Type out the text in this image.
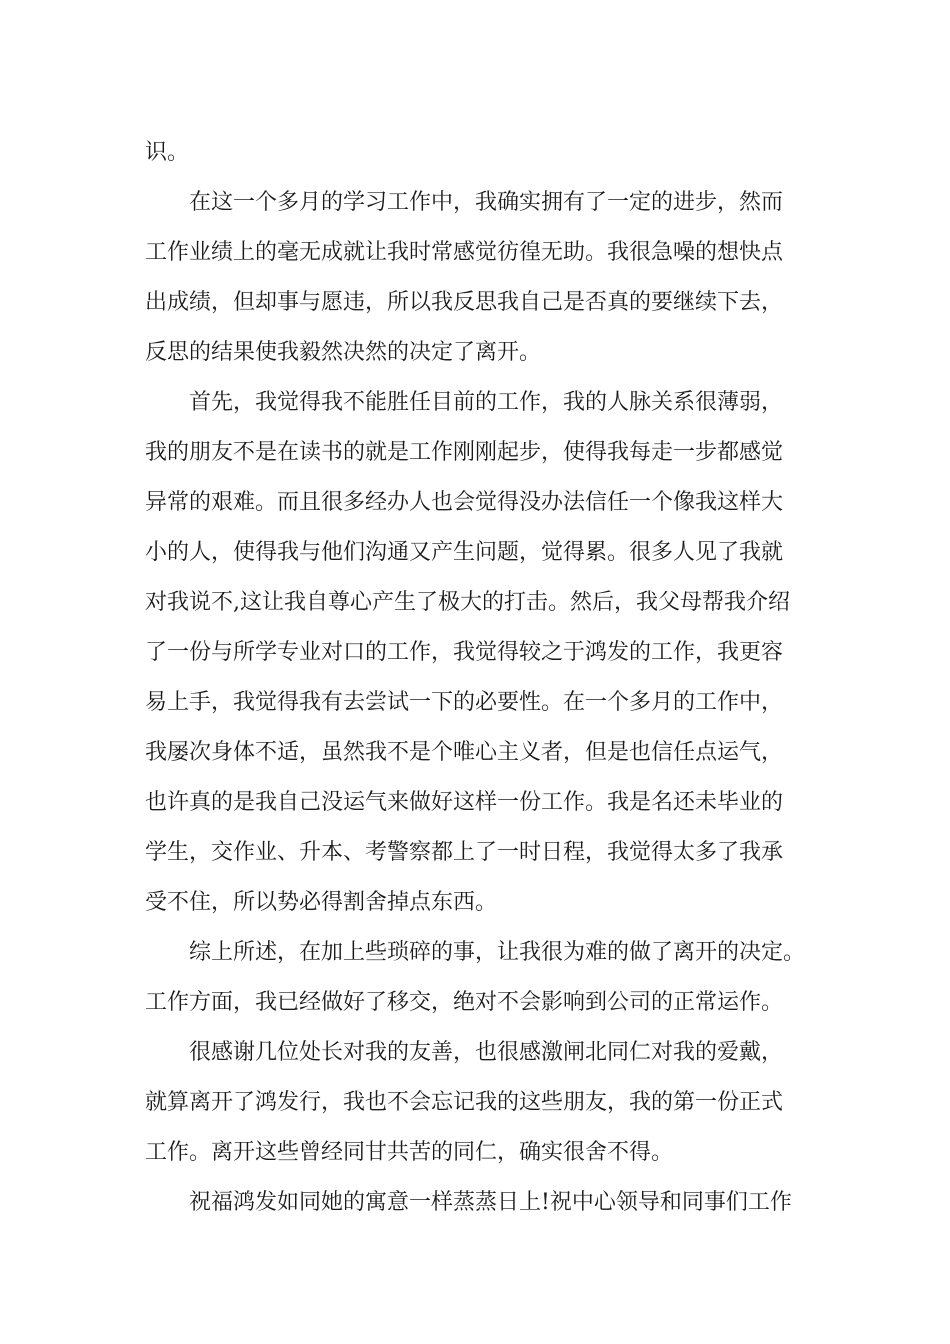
识。
在这一个多月的学习工作中，我确实拥有了一定的进步，然而
工作业绩上的毫无成就让我时常感觉彷徨无助。我很急噪的想快点
出成绩，但却事与愿违，所以我反思我自己是否真的要继续下去，
反思的结果使我毅然决然的决定了离开。
首先，我觉得我不能胜任目前的工作，我的人脉关系很薄弱，
我的朋友不是在读书的就是工作刚刚起步，使得我每走一步都感觉
异常的艰难。而且很多经办人也会觉得没办法信任一个像我这样大
小的人，使得我与他们沟通又产生问题，觉得累。很多人见了我就
对我说不,这让我自尊心产生了极大的打击。然后，我父母帮我介绍
了一份与所学专业对口的工作，我觉得较之于鸿发的工作，我更容
易上手，我觉得我有去尝试一下的必要性。在一个多月的工作中，
我屡次身体不适，虽然我不是个唯心主义者，但是也信任点运气，
也许真的是我自己没运气来做好这样一份工作。我是名还未毕业的
学生，交作业、升本、考警察都上了一时日程，我觉得太多了我承
受不住，所以势必得割舍掉点东西。
综上所述，在加上些琐碎的事，让我很为难的做了离开的决定。
工作方面，我已经做好了移交，绝对不会影响到公司的正常运作。
很感谢几位处长对我的友善，也很感激闸北同仁对我的爱戴，
就算离开了鸿发行，我也不会忘记我的这些朋友，我的第一份正式
工作。离开这些曾经同甘共苦的同仁，确实很舍不得。
祝福鸿发如同她的寓意一样蒸蒸日上!祝中心领导和同事们工作
